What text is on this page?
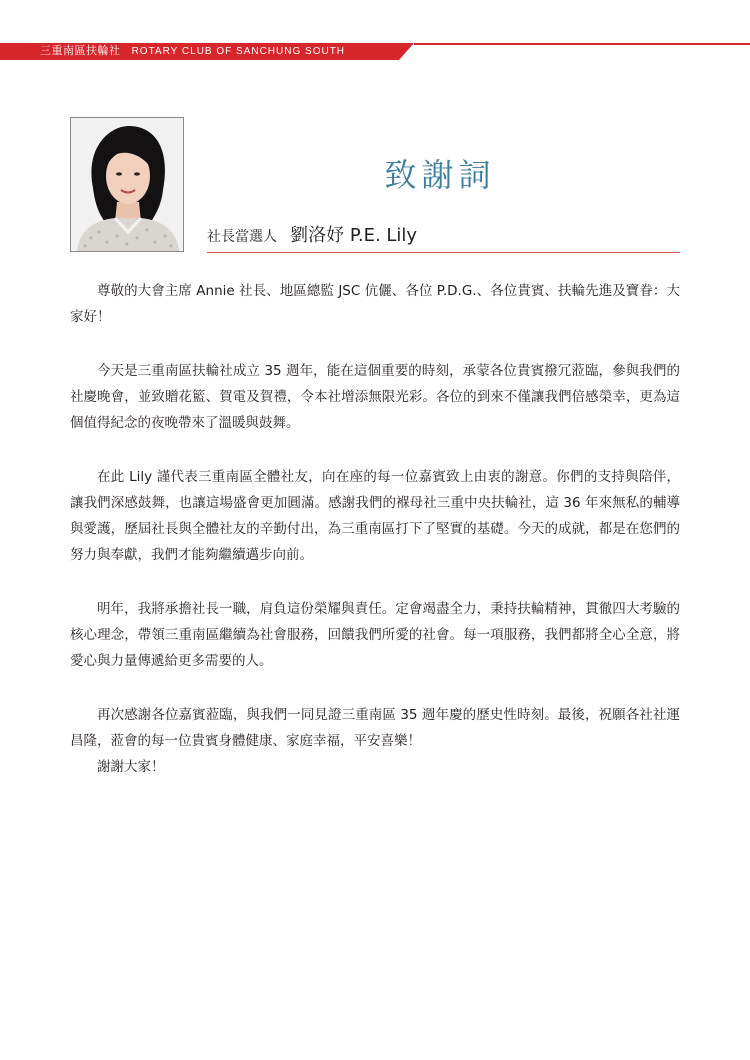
三重南區扶輪社 ROTARY CLUB OF SANCHUNG SOUTH
致謝詞
社長當選人 劉洛妤 P.E. Lily

尊敬的大會主席 Annie 社長、地區總監 JSC 伉儷、各位 P.D.G.、各位貴賓、扶輪先進及寶眷：大家好！

今天是三重南區扶輪社成立 35 週年，能在這個重要的時刻，承蒙各位貴賓撥冗蒞臨，參與我們的社慶晚會，並致贈花籃、賀電及賀禮，令本社增添無限光彩。各位的到來不僅讓我們倍感榮幸，更為這個值得紀念的夜晚帶來了溫暖與鼓舞。

在此 Lily 謹代表三重南區全體社友，向在座的每一位嘉賓致上由衷的謝意。你們的支持與陪伴，讓我們深感鼓舞，也讓這場盛會更加圓滿。感謝我們的褓母社三重中央扶輪社，這 36 年來無私的輔導與愛護，歷屆社長與全體社友的辛勤付出，為三重南區打下了堅實的基礎。今天的成就，都是在您們的努力與奉獻，我們才能夠繼續邁步向前。

明年，我將承擔社長一職，肩負這份榮耀與責任。定會竭盡全力，秉持扶輪精神，貫徹四大考驗的核心理念，帶領三重南區繼續為社會服務，回饋我們所愛的社會。每一項服務，我們都將全心全意，將愛心與力量傳遞給更多需要的人。

再次感謝各位嘉賓蒞臨，與我們一同見證三重南區 35 週年慶的歷史性時刻。最後，祝願各社社運昌隆，蒞會的每一位貴賓身體健康、家庭幸福，平安喜樂！

謝謝大家！
